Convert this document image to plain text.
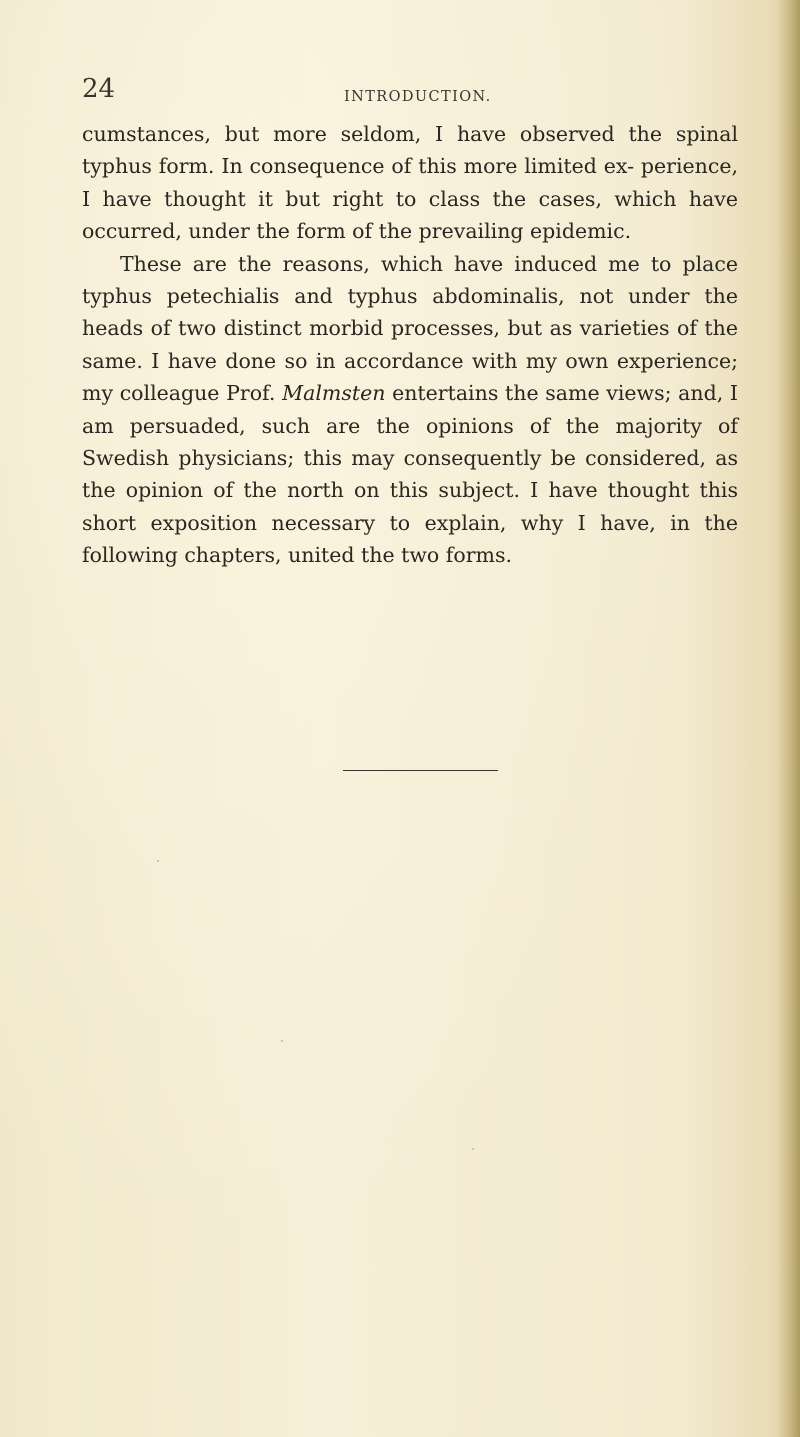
24	INTRODUCTION.

cumstances, but more seldom, I have observed the spinal typhus form. In consequence of this more limited ex- perience, I have thought it but right to class the cases, which have occurred, under the form of the prevailing epidemic.

These are the reasons, which have induced me to place typhus petechialis and typhus abdominalis, not under the heads of two distinct morbid processes, but as varieties of the same. I have done so in accordance with my own experience; my colleague Prof. Malmsten entertains the same views; and, I am persuaded, such are the opinions of the majority of Swedish physicians; this may consequently be considered, as the opinion of the north on this subject. I have thought this short exposition necessary to explain, why I have, in the following chapters, united the two forms.
